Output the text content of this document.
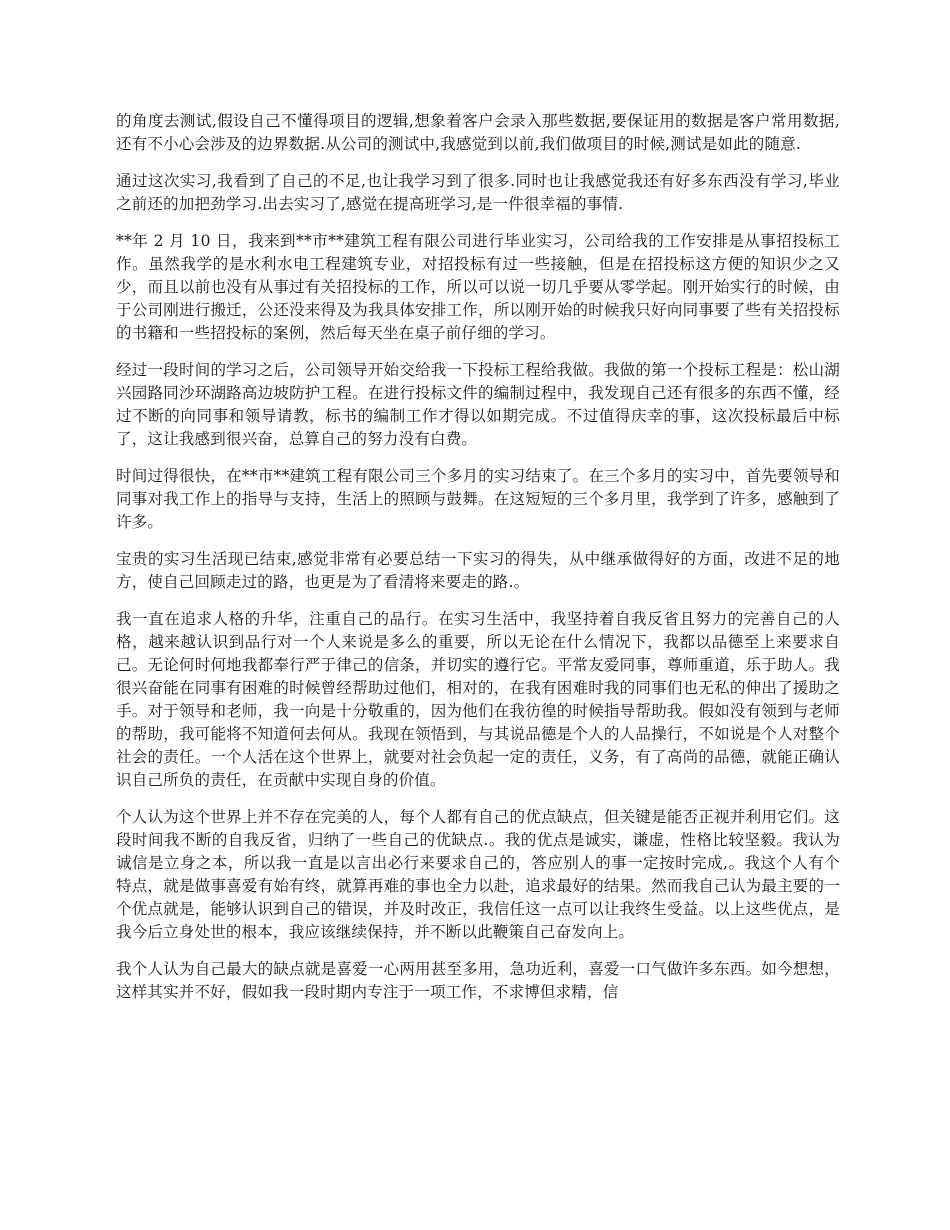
的角度去测试,假设自己不懂得项目的逻辑,想象着客户会录入那些数据,要保证用的数据是客户常用数据,还有不小心会涉及的边界数据.从公司的测试中,我感觉到以前,我们做项目的时候,测试是如此的随意.

通过这次实习,我看到了自己的不足,也让我学习到了很多.同时也让我感觉我还有好多东西没有学习,毕业之前还的加把劲学习.出去实习了,感觉在提高班学习,是一件很幸福的事情.

**年 2 月 10 日，我来到**市**建筑工程有限公司进行毕业实习，公司给我的工作安排是从事招投标工作。虽然我学的是水利水电工程建筑专业，对招投标有过一些接触，但是在招投标这方便的知识少之又少，而且以前也没有从事过有关招投标的工作，所以可以说一切几乎要从零学起。刚开始实行的时候，由于公司刚进行搬迁，公还没来得及为我具体安排工作，所以刚开始的时候我只好向同事要了些有关招投标的书籍和一些招投标的案例，然后每天坐在桌子前仔细的学习。

经过一段时间的学习之后，公司领导开始交给我一下投标工程给我做。我做的第一个投标工程是：松山湖兴园路同沙环湖路高边坡防护工程。在进行投标文件的编制过程中，我发现自己还有很多的东西不懂，经过不断的向同事和领导请教，标书的编制工作才得以如期完成。不过值得庆幸的事，这次投标最后中标了，这让我感到很兴奋，总算自己的努力没有白费。

时间过得很快，在**市**建筑工程有限公司三个多月的实习结束了。在三个多月的实习中，首先要领导和同事对我工作上的指导与支持，生活上的照顾与鼓舞。在这短短的三个多月里，我学到了许多，感触到了许多。

宝贵的实习生活现已结束,感觉非常有必要总结一下实习的得失，从中继承做得好的方面，改进不足的地方，使自己回顾走过的路，也更是为了看清将来要走的路.。

我一直在追求人格的升华，注重自己的品行。在实习生活中，我坚持着自我反省且努力的完善自己的人格，越来越认识到品行对一个人来说是多么的重要，所以无论在什么情况下，我都以品德至上来要求自己。无论何时何地我都奉行严于律己的信条，并切实的遵行它。平常友爱同事，尊师重道，乐于助人。我很兴奋能在同事有困难的时候曾经帮助过他们，相对的，在我有困难时我的同事们也无私的伸出了援助之手。对于领导和老师，我一向是十分敬重的，因为他们在我彷徨的时候指导帮助我。假如没有领到与老师的帮助，我可能将不知道何去何从。我现在领悟到，与其说品德是个人的人品操行，不如说是个人对整个社会的责任。一个人活在这个世界上，就要对社会负起一定的责任，义务，有了高尚的品德，就能正确认识自己所负的责任，在贡献中实现自身的价值。

个人认为这个世界上并不存在完美的人，每个人都有自己的优点缺点，但关键是能否正视并利用它们。这段时间我不断的自我反省，归纳了一些自己的优缺点.。我的优点是诚实，谦虚，性格比较坚毅。我认为诚信是立身之本，所以我一直是以言出必行来要求自己的，答应别人的事一定按时完成,。我这个人有个特点，就是做事喜爱有始有终，就算再难的事也全力以赴，追求最好的结果。然而我自己认为最主要的一个优点就是，能够认识到自己的错误，并及时改正，我信任这一点可以让我终生受益。以上这些优点，是我今后立身处世的根本，我应该继续保持，并不断以此鞭策自己奋发向上。

我个人认为自己最大的缺点就是喜爱一心两用甚至多用，急功近利，喜爱一口气做许多东西。如今想想，这样其实并不好，假如我一段时期内专注于一项工作，不求博但求精，信
